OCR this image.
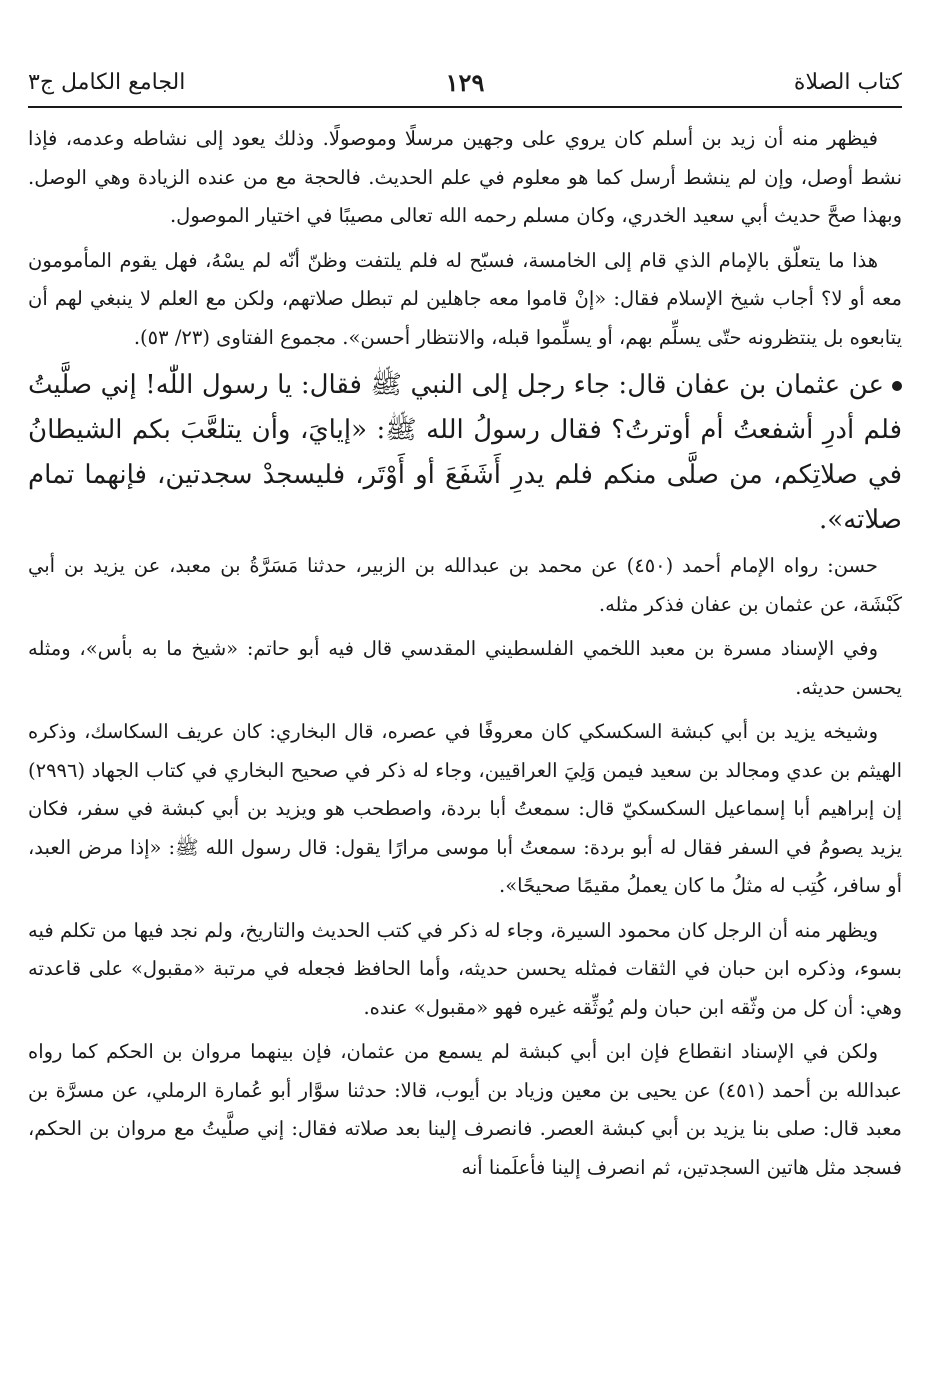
كتاب الصلاة
١٢٩
الجامع الكامل ج٣

فيظهر منه أن زيد بن أسلم كان يروي على وجهين مرسلًا وموصولًا. وذلك يعود إلى نشاطه وعدمه، فإذا نشط أوصل، وإن لم ينشط أرسل كما هو معلوم في علم الحديث. فالحجة مع من عنده الزيادة وهي الوصل. وبهذا صحَّ حديث أبي سعيد الخدري، وكان مسلم رحمه الله تعالى مصيبًا في اختيار الموصول.

هذا ما يتعلّق بالإمام الذي قام إلى الخامسة، فسبّح له فلم يلتفت وظنّ أنّه لم يسْهُ، فهل يقوم المأمومون معه أو لا؟ أجاب شيخ الإسلام فقال: «إنْ قاموا معه جاهلين لم تبطل صلاتهم، ولكن مع العلم لا ينبغي لهم أن يتابعوه بل ينتظرونه حتّى يسلِّم بهم، أو يسلِّموا قبله، والانتظار أحسن». مجموع الفتاوى (٢٣/ ٥٣).

عن عثمان بن عفان قال: جاء رجل إلى النبي ﷺ فقال: يا رسول اللّٰه! إني صلَّيتُ فلم أدرِ أشفعتُ أم أوترتُ؟ فقال رسولُ الله ﷺ: «إيايَ، وأن يتلعَّبَ بكم الشيطانُ في صلاتِكم، من صلَّى منكم فلم يدرِ أَشَفَعَ أو أَوْتَر، فليسجدْ سجدتين، فإنهما تمام صلاته».

حسن: رواه الإمام أحمد (٤٥٠) عن محمد بن عبدالله بن الزبير، حدثنا مَسَرَّةُ بن معبد، عن يزيد بن أبي كَبْشَة، عن عثمان بن عفان فذكر مثله.

وفي الإسناد مسرة بن معبد اللخمي الفلسطيني المقدسي قال فيه أبو حاتم: «شيخ ما به بأس»، ومثله يحسن حديثه.

وشيخه يزيد بن أبي كبشة السكسكي كان معروفًا في عصره، قال البخاري: كان عريف السكاسك، وذكره الهيثم بن عدي ومجالد بن سعيد فيمن وَلِيَ العراقيين، وجاء له ذكر في صحيح البخاري في كتاب الجهاد (٢٩٩٦) إن إبراهيم أبا إسماعيل السكسكيّ قال: سمعتُ أبا بردة، واصطحب هو ويزيد بن أبي كبشة في سفر، فكان يزيد يصومُ في السفر فقال له أبو بردة: سمعتُ أبا موسى مرارًا يقول: قال رسول الله ﷺ: «إذا مرض العبد، أو سافر، كُتِب له مثلُ ما كان يعملُ مقيمًا صحيحًا».

ويظهر منه أن الرجل كان محمود السيرة، وجاء له ذكر في كتب الحديث والتاريخ، ولم نجد فيها من تكلم فيه بسوء، وذكره ابن حبان في الثقات فمثله يحسن حديثه، وأما الحافظ فجعله في مرتبة «مقبول» على قاعدته وهي: أن كل من وثّقه ابن حبان ولم يُوثِّقه غيره فهو «مقبول» عنده.

ولكن في الإسناد انقطاع فإن ابن أبي كبشة لم يسمع من عثمان، فإن بينهما مروان بن الحكم كما رواه عبدالله بن أحمد (٤٥١) عن يحيى بن معين وزياد بن أيوب، قالا: حدثنا سوَّار أبو عُمارة الرملي، عن مسرَّة بن معبد قال: صلى بنا يزيد بن أبي كبشة العصر. فانصرف إلينا بعد صلاته فقال: إني صلَّيتُ مع مروان بن الحكم، فسجد مثل هاتين السجدتين، ثم انصرف إلينا فأعلَمنا أنه
